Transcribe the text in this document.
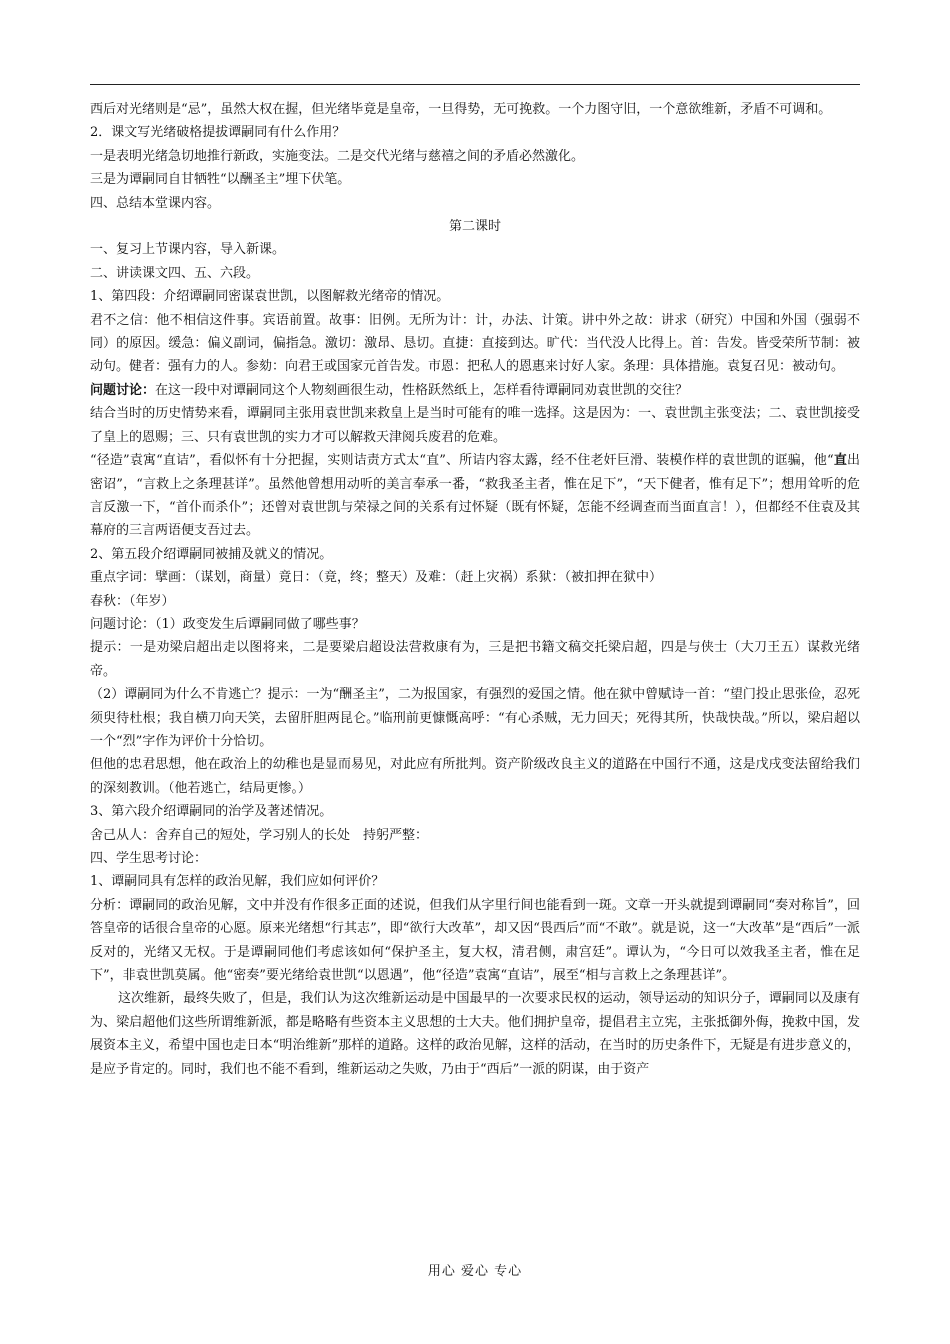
西后对光绪则是“忌”，虽然大权在握，但光绪毕竟是皇帝，一旦得势，无可挽救。一个力图守旧，一个意欲维新，矛盾不可调和。

2．课文写光绪破格提拔谭嗣同有什么作用？

一是表明光绪急切地推行新政，实施变法。二是交代光绪与慈禧之间的矛盾必然激化。

三是为谭嗣同自甘牺牲“以酬圣主”埋下伏笔。

四、总结本堂课内容。

第二课时

一、复习上节课内容，导入新课。

二、讲读课文四、五、六段。

1、第四段：介绍谭嗣同密谋袁世凯，以图解救光绪帝的情况。

君不之信：他不相信这件事。宾语前置。故事：旧例。无所为计：计，办法、计策。讲中外之故：讲求（研究）中国和外国（强弱不同）的原因。缓急：偏义副词，偏指急。激切：激昂、恳切。直捷：直接到达。旷代：当代没人比得上。首：告发。皆受荣所节制：被动句。健者：强有力的人。参劾：向君王或国家元首告发。市恩：把私人的恩惠来讨好人家。条理：具体措施。袁复召见：被动句。

问题讨论：在这一段中对谭嗣同这个人物刻画很生动，性格跃然纸上，怎样看待谭嗣同劝袁世凯的交往？

结合当时的历史情势来看，谭嗣同主张用袁世凯来救皇上是当时可能有的唯一选择。这是因为：一、袁世凯主张变法；二、袁世凯接受了皇上的恩赐；三、只有袁世凯的实力才可以解救天津阅兵废君的危难。

“径造”袁寓“直诘”，看似怀有十分把握，实则诘责方式太“直”、所诘内容太露，经不住老奸巨滑、装模作样的袁世凯的诓骗，他“直出密诏”，“言救上之条理甚详”。虽然他曾想用动听的美言奉承一番，“救我圣主者，惟在足下”，“天下健者，惟有足下”；想用耸听的危言反激一下，“首仆而杀仆”；还曾对袁世凯与荣禄之间的关系有过怀疑（既有怀疑，怎能不经调查而当面直言！），但都经不住袁及其幕府的三言两语便支吾过去。

2、第五段介绍谭嗣同被捕及就义的情况。

重点字词：擘画：（谋划，商量）竟日：（竟，终；整天）及难：（赶上灾祸）系狱：（被扣押在狱中）

春秋：（年岁）

问题讨论：（1）政变发生后谭嗣同做了哪些事？

提示：一是劝梁启超出走以图将来，二是要梁启超设法营救康有为，三是把书籍文稿交托梁启超，四是与侠士（大刀王五）谋救光绪帝。

（2）谭嗣同为什么不肯逃亡？提示：一为“酬圣主”，二为报国家，有强烈的爱国之情。他在狱中曾赋诗一首：“望门投止思张俭，忍死须臾待杜根；我自横刀向天笑，去留肝胆两昆仑。”临刑前更慷慨高呼：“有心杀贼，无力回天；死得其所，快哉快哉。”所以，梁启超以一个“烈”字作为评价十分恰切。

但他的忠君思想，他在政治上的幼稚也是显而易见，对此应有所批判。资产阶级改良主义的道路在中国行不通，这是戊戌变法留给我们的深刻教训。（他若逃亡，结局更惨。）

3、第六段介绍谭嗣同的治学及著述情况。

舍己从人：舍弃自己的短处，学习别人的长处　持躬严整：

四、学生思考讨论：

1、谭嗣同具有怎样的政治见解，我们应如何评价？

分析：谭嗣同的政治见解，文中并没有作很多正面的述说，但我们从字里行间也能看到一斑。文章一开头就提到谭嗣同“奏对称旨”，回答皇帝的话很合皇帝的心愿。原来光绪想“行其志”，即“欲行大改革”，却又因“畏西后”而“不敢”。就是说，这一“大改革”是“西后”一派反对的，光绪又无权。于是谭嗣同他们考虑该如何“保护圣主，复大权，清君侧，肃宫廷”。谭认为，“今日可以效我圣主者，惟在足下”，非袁世凯莫属。他“密奏”要光绪给袁世凯“以恩遇”，他“径造”袁寓“直诘”，展至“相与言救上之条理甚详”。

这次维新，最终失败了，但是，我们认为这次维新运动是中国最早的一次要求民权的运动，领导运动的知识分子，谭嗣同以及康有为、梁启超他们这些所谓维新派，都是略略有些资本主义思想的士大夫。他们拥护皇帝，提倡君主立宪，主张抵御外侮，挽救中国，发展资本主义，希望中国也走日本“明治维新”那样的道路。这样的政治见解，这样的活动，在当时的历史条件下，无疑是有进步意义的，是应予肯定的。同时，我们也不能不看到，维新运动之失败，乃由于“西后”一派的阴谋，由于资产

用心 爱心 专心
